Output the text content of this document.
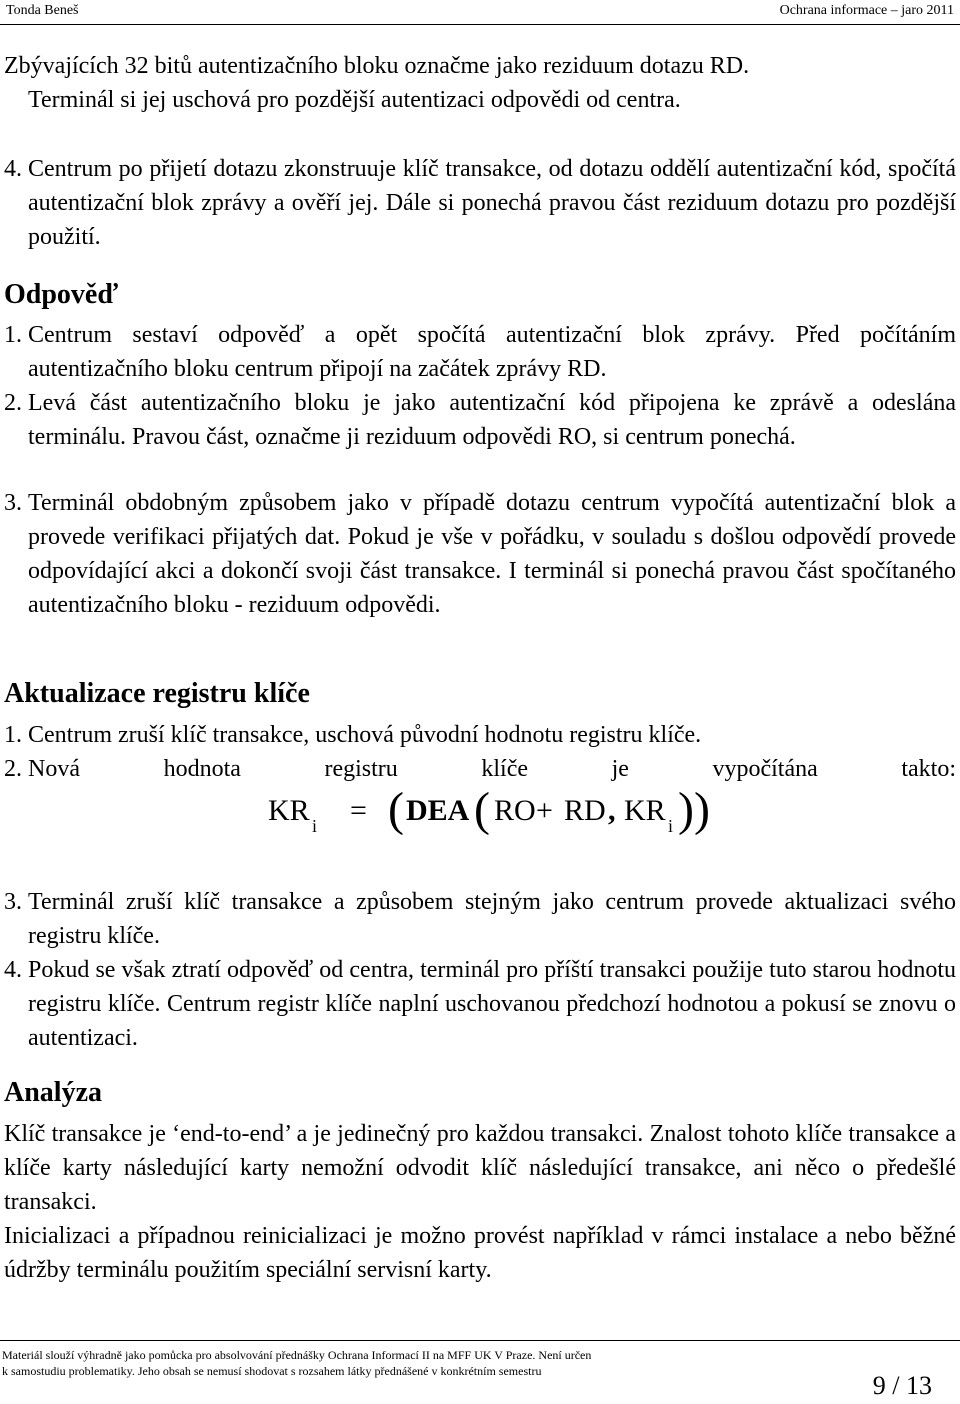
Tonda Beneš	Ochrana informace – jaro 2011
Zbývajících 32 bitů autentizačního bloku označme jako reziduum dotazu RD.
Terminál si jej uschová pro pozdější autentizaci odpovědi od centra.
4. Centrum po přijetí dotazu zkonstruuje klíč transakce, od dotazu oddělí autentizační kód, spočítá autentizační blok zprávy a ověří jej. Dále si ponechá pravou část reziduum dotazu pro pozdější použití.
Odpověď
1. Centrum sestaví odpověď a opět spočítá autentizační blok zprávy. Před počítáním autentizačního bloku centrum připojí na začátek zprávy RD.
2. Levá část autentizačního bloku je jako autentizační kód připojena ke zprávě a odeslána terminálu. Pravou část, označme ji reziduum odpovědi RO, si centrum ponechá.
3. Terminál obdobným způsobem jako v případě dotazu centrum vypočítá autentizační blok a provede verifikaci přijatých dat. Pokud je vše v pořádku, v souladu s došlou odpovědí provede odpovídající akci a dokončí svoji část transakce. I terminál si ponechá pravou část spočítaného autentizačního bloku - reziduum odpovědi.
Aktualizace registru klíče
1. Centrum zruší klíč transakce, uschová původní hodnotu registru klíče.
2. Nová hodnota registru klíče je vypočítána takto:
KR i = ( DEA ( RO + RD , KR i ) )
3. Terminál zruší klíč transakce a způsobem stejným jako centrum provede aktualizaci svého registru klíče.
4. Pokud se však ztratí odpověď od centra, terminál pro příští transakci použije tuto starou hodnotu registru klíče. Centrum registr klíče naplní uschovanou předchozí hodnotou a pokusí se znovu o autentizaci.
Analýza
Klíč transakce je ‘end-to-end’ a je jedinečný pro každou transakci. Znalost tohoto klíče transakce a klíče karty následující karty nemožní odvodit klíč následující transakce, ani něco o předešlé transakci.
Inicializaci a případnou reinicializaci je možno provést například v rámci instalace a nebo běžné údržby terminálu použitím speciální servisní karty.
Materiál slouží výhradně jako pomůcka pro absolvování přednášky Ochrana Informací II na MFF UK V Praze. Není určen
k samostudiu problematiky. Jeho obsah se nemusí shodovat s rozsahem látky přednášené v konkrétním semestru	9 / 13
